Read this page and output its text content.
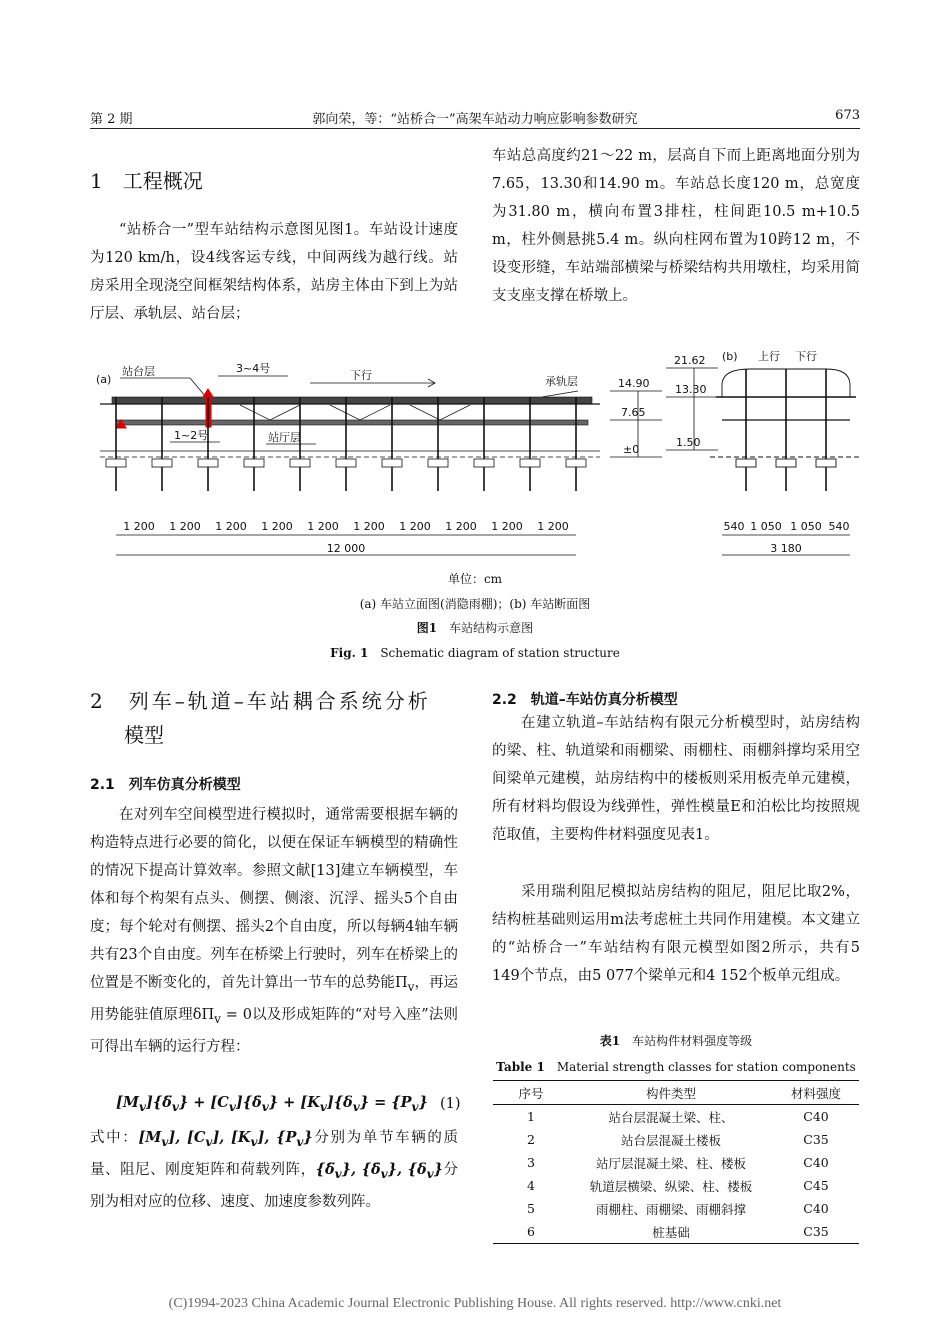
第 2 期	郭向荣，等：“站桥合一”高架车站动力响应影响参数研究	673
1　工程概况
“站桥合一”型车站结构示意图见图1。车站设计速度为120 km/h，设4线客运专线，中间两线为越行线。站房采用全现浇空间框架结构体系，站房主体由下到上为站厅层、承轨层、站台层；
车站总高度约21～22 m，层高自下而上距离地面分别为7.65，13.30和14.90 m。车站总长度120 m，总宽度为31.80 m，横向布置3排柱，柱间距10.5 m+10.5 m，柱外侧悬挑5.4 m。纵向柱网布置为10跨12 m，不设变形缝，车站端部横梁与桥梁结构共用墩柱，均采用简支支座支撑在桥墩上。
(a)
站台层	3~4号
下行	承轨层
1~2号	站厅层
14.90
7.65
±0
21.62
13.30
1.50
(b) 上行 下行
1 200 1 200 1 200 1 200 1 200 1 200 1 200 1 200 1 200 1 200
12 000
540 1 050 1 050 540
3 180
单位：cm
(a) 车站立面图(消隐雨棚)；(b) 车站断面图
图1　 车站结构示意图
Fig. 1　 Schematic diagram of station structure
2　列车–轨道–车站耦合系统分析
模型
2.1　列车仿真分析模型
在对列车空间模型进行模拟时，通常需要根据车辆的构造特点进行必要的简化，以便在保证车辆模型的精确性的情况下提高计算效率。参照文献[13]建立车辆模型，车体和每个构架有点头、侧摆、侧滚、沉浮、摇头5个自由度；每个轮对有侧摆、摇头2个自由度，所以每辆4轴车辆共有23个自由度。列车在桥梁上行驶时，列车在桥梁上的位置是不断变化的，首先计算出一节车的总势能$\Pi_v$，再运用势能驻值原理$\delta\Pi_v = 0$以及形成矩阵的“对号入座”法则可得出车辆的运行方程：
$[M_v]\{\deltä_v\}$ + $[C_v]\{\deltȧ_v\} + [K_v]\{\delta_v\} = \{P_v\}$ (1)
式中：$[M_v]$, $[C_v]$, $[K_v]$, $\{P_v\}$分别为单节车辆的质量、阻尼、刚度矩阵和荷载列阵，$\{\deltä_v\}$, $\{\deltȧ_v\}$, $\{\delta_v\}$分别为相对应的位移、速度、加速度参数列阵。
2.2　轨道–车站仿真分析模型
在建立轨道–车站结构有限元分析模型时，站房结构的梁、柱、轨道梁和雨棚梁、雨棚柱、雨棚斜撑均采用空间梁单元建模，站房结构中的楼板则采用板壳单元建模，所有材料均假设为线弹性，弹性模量E和泊松比均按照规范取值，主要构件材料强度见表1。
采用瑞利阻尼模拟站房结构的阻尼，阻尼比取2%，结构桩基础则运用m法考虑桩土共同作用建模。本文建立的“站桥合一”车站结构有限元模型如图2所示，共有5 149个节点，由5 077个梁单元和4 152个板单元组成。
表1　 车站构件材料强度等级
Table 1　 Material strength classes for station components
序号	构件类型	材料强度
1	站台层混凝土梁、柱、	C40
2	站台层混凝土楼板	C35
3	站厅层混凝土梁、柱、楼板	C40
4	轨道层横梁、纵梁、柱、楼板	C45
5	雨棚柱、雨棚梁、雨棚斜撑	C40
6	桩基础	C35
(C)1994-2023 China Academic Journal Electronic Publishing House. All rights reserved. http://www.cnki.net
